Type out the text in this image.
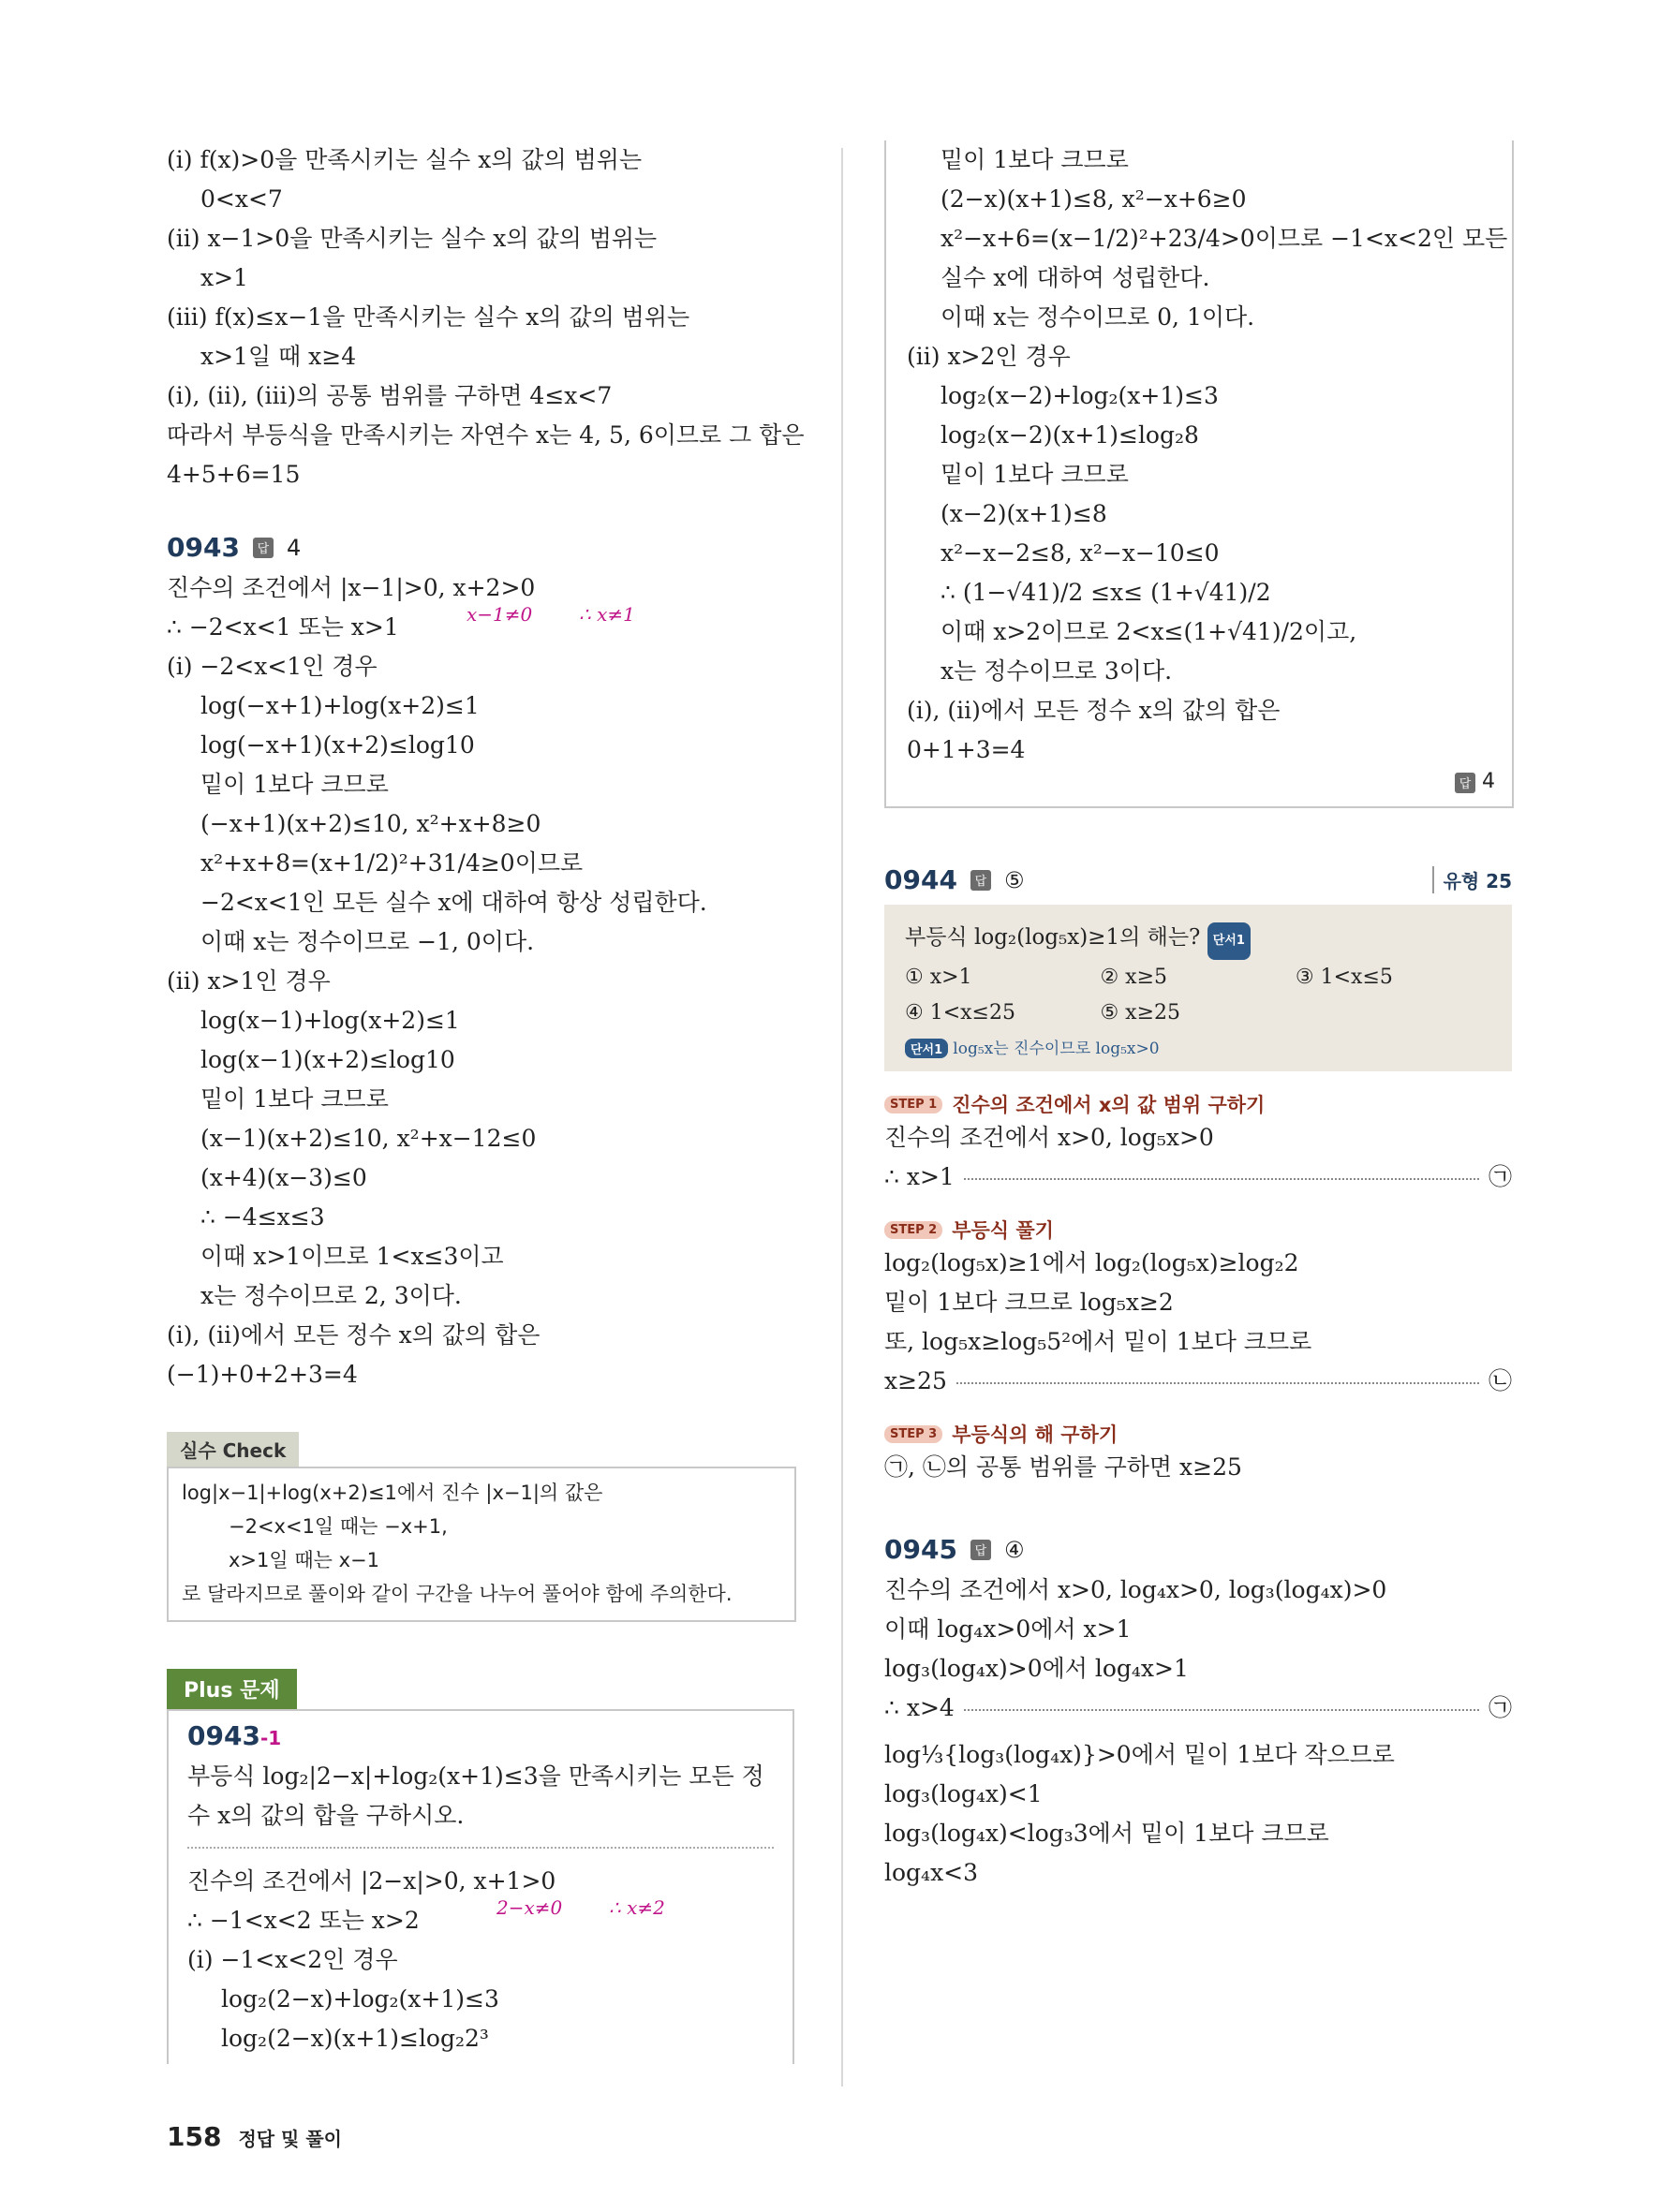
(ⅰ) f(x)>0을 만족시키는 실수 x의 값의 범위는
0<x<7
(ⅱ) x−1>0을 만족시키는 실수 x의 값의 범위는
x>1
(ⅲ) f(x)≤x−1을 만족시키는 실수 x의 값의 범위는
x>1일 때 x≥4
(ⅰ), (ⅱ), (ⅲ)의 공통 범위를 구하면 4≤x<7
따라서 부등식을 만족시키는 자연수 x는 4, 5, 6이므로 그 합은
4+5+6=15
0943	답 4
진수의 조건에서 |x−1|>0, x+2>0
∴ −2<x<1 또는 x>1	x−1≠0 ∴ x≠1
(ⅰ) −2<x<1인 경우
log(−x+1)+log(x+2)≤1
log(−x+1)(x+2)≤log10
밑이 1보다 크므로
(−x+1)(x+2)≤10, x²+x+8≥0
x²+x+8=(x+1/2)²+31/4≥0이므로
−2<x<1인 모든 실수 x에 대하여 항상 성립한다.
이때 x는 정수이므로 −1, 0이다.
(ⅱ) x>1인 경우
log(x−1)+log(x+2)≤1
log(x−1)(x+2)≤log10
밑이 1보다 크므로
(x−1)(x+2)≤10, x²+x−12≤0
(x+4)(x−3)≤0
∴ −4≤x≤3
이때 x>1이므로 1<x≤3이고
x는 정수이므로 2, 3이다.
(ⅰ), (ⅱ)에서 모든 정수 x의 값의 합은
(−1)+0+2+3=4
실수 Check
log|x−1|+log(x+2)≤1에서 진수 |x−1|의 값은
−2<x<1일 때는 −x+1,
x>1일 때는 x−1
로 달라지므로 풀이와 같이 구간을 나누어 풀어야 함에 주의한다.
Plus 문제
0943-1
부등식 log₂|2−x|+log₂(x+1)≤3을 만족시키는 모든 정
수 x의 값의 합을 구하시오.
진수의 조건에서 |2−x|>0, x+1>0
∴ −1<x<2 또는 x>2	2−x≠0 ∴ x≠2
(ⅰ) −1<x<2인 경우
log₂(2−x)+log₂(x+1)≤3
log₂(2−x)(x+1)≤log₂2³
밑이 1보다 크므로
(2−x)(x+1)≤8, x²−x+6≥0
x²−x+6=(x−1/2)²+23/4>0이므로 −1<x<2인 모든
실수 x에 대하여 성립한다.
이때 x는 정수이므로 0, 1이다.
(ⅱ) x>2인 경우
log₂(x−2)+log₂(x+1)≤3
log₂(x−2)(x+1)≤log₂8
밑이 1보다 크므로
(x−2)(x+1)≤8
x²−x−2≤8, x²−x−10≤0
∴ (1−√41)/2 ≤x≤ (1+√41)/2
이때 x>2이므로 2<x≤(1+√41)/2이고,
x는 정수이므로 3이다.
(ⅰ), (ⅱ)에서 모든 정수 x의 값의 합은
0+1+3=4
답 4
0944	답 ⑤	유형 25
부등식 log₂(log₅x)≥1의 해는? 단서1
① x>1	② x≥5	③ 1<x≤5
④ 1<x≤25	⑤ x≥25
단서1 log₅x는 진수이므로 log₅x>0
STEP 1 진수의 조건에서 x의 값 범위 구하기
진수의 조건에서 x>0, log₅x>0
∴ x>1	㉠
STEP 2 부등식 풀기
log₂(log₅x)≥1에서 log₂(log₅x)≥log₂2
밑이 1보다 크므로 log₅x≥2
또, log₅x≥log₅5²에서 밑이 1보다 크므로
x≥25	㉡
STEP 3 부등식의 해 구하기
㉠, ㉡의 공통 범위를 구하면 x≥25
0945	답 ④
진수의 조건에서 x>0, log₄x>0, log₃(log₄x)>0
이때 log₄x>0에서 x>1
log₃(log₄x)>0에서 log₄x>1
∴ x>4	㉠
log⅓{log₃(log₄x)}>0에서 밑이 1보다 작으므로
log₃(log₄x)<1
log₃(log₄x)<log₃3에서 밑이 1보다 크므로
log₄x<3
158 정답 및 풀이
